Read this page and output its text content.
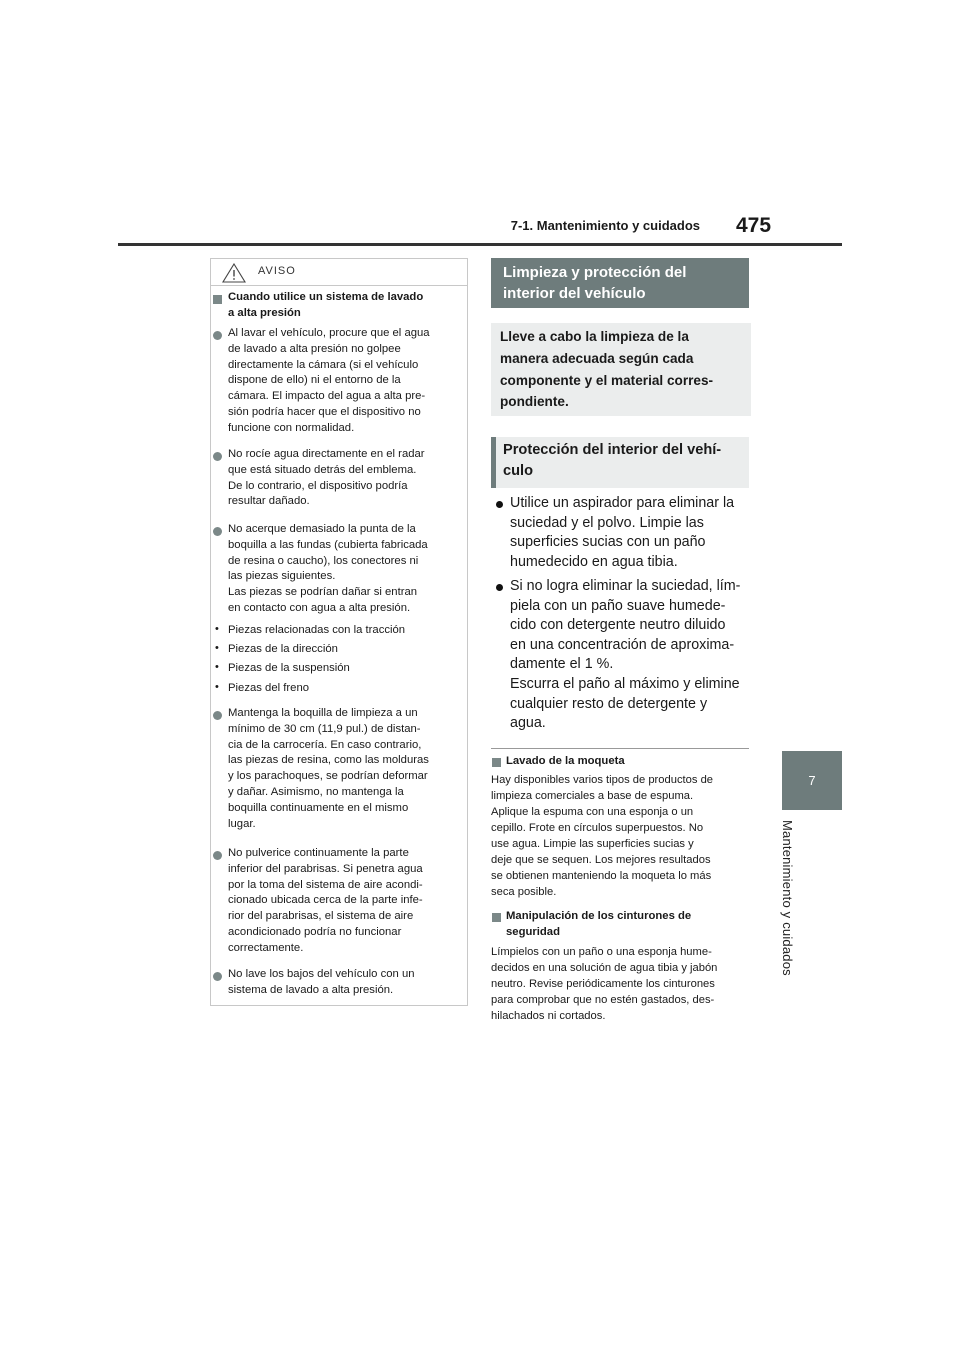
7-1. Mantenimiento y cuidados 475
7
Mantenimiento y cuidados
AVISO
Cuando utilice un sistema de lavado
a alta presión
Al lavar el vehículo, procure que el agua
de lavado a alta presión no golpee
directamente la cámara (si el vehículo
dispone de ello) ni el entorno de la
cámara. El impacto del agua a alta pre-
sión podría hacer que el dispositivo no
funcione con normalidad.
No rocíe agua directamente en el radar
que está situado detrás del emblema.
De lo contrario, el dispositivo podría
resultar dañado.
No acerque demasiado la punta de la
boquilla a las fundas (cubierta fabricada
de resina o caucho), los conectores ni
las piezas siguientes.
Las piezas se podrían dañar si entran
en contacto con agua a alta presión.
• Piezas relacionadas con la tracción
• Piezas de la dirección
• Piezas de la suspensión
• Piezas del freno
Mantenga la boquilla de limpieza a un
mínimo de 30 cm (11,9 pul.) de distan-
cia de la carrocería. En caso contrario,
las piezas de resina, como las molduras
y los parachoques, se podrían deformar
y dañar. Asimismo, no mantenga la
boquilla continuamente en el mismo
lugar.
No pulverice continuamente la parte
inferior del parabrisas. Si penetra agua
por la toma del sistema de aire acondi-
cionado ubicada cerca de la parte infe-
rior del parabrisas, el sistema de aire
acondicionado podría no funcionar
correctamente.
No lave los bajos del vehículo con un
sistema de lavado a alta presión.
Limpieza y protección del
interior del vehículo
Lleve a cabo la limpieza de la
manera adecuada según cada
componente y el material corres-
pondiente.
Protección del interior del vehí-
culo
Utilice un aspirador para eliminar la
suciedad y el polvo. Limpie las
superficies sucias con un paño
humedecido en agua tibia.
Si no logra eliminar la suciedad, lím-
piela con un paño suave humede-
cido con detergente neutro diluido
en una concentración de aproxima-
damente el 1 %.
Escurra el paño al máximo y elimine
cualquier resto de detergente y
agua.
Lavado de la moqueta
Hay disponibles varios tipos de productos de
limpieza comerciales a base de espuma.
Aplique la espuma con una esponja o un
cepillo. Frote en círculos superpuestos. No
use agua. Limpie las superficies sucias y
deje que se sequen. Los mejores resultados
se obtienen manteniendo la moqueta lo más
seca posible.
Manipulación de los cinturones de
seguridad
Límpielos con un paño o una esponja hume-
decidos en una solución de agua tibia y jabón
neutro. Revise periódicamente los cinturones
para comprobar que no estén gastados, des-
hilachados ni cortados.
